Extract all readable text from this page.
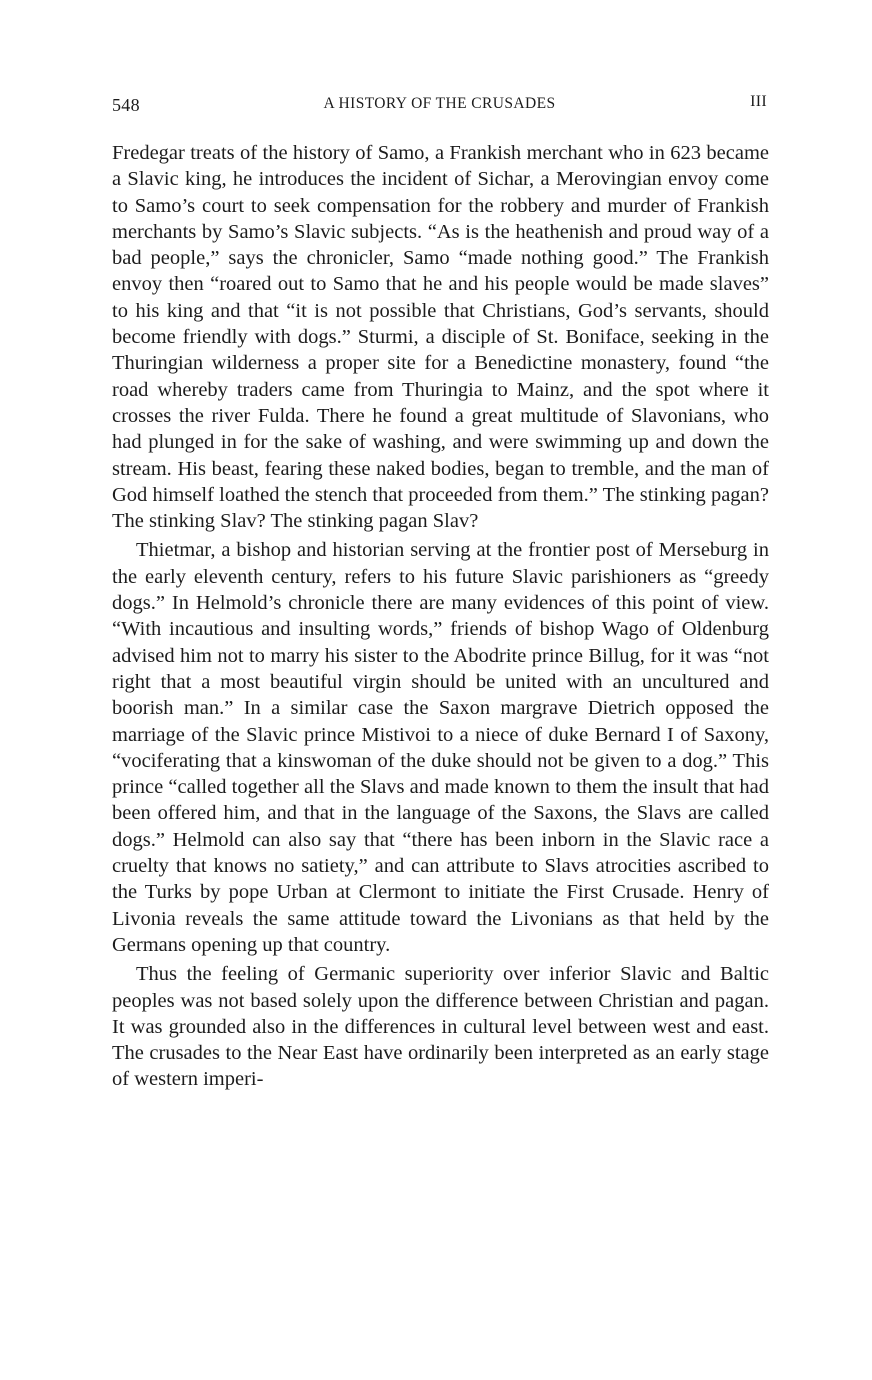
548	A HISTORY OF THE CRUSADES	III

Fredegar treats of the history of Samo, a Frankish merchant who in 623 became a Slavic king, he introduces the incident of Sichar, a Merovingian envoy come to Samo’s court to seek compensation for the robbery and murder of Frankish merchants by Samo’s Slavic subjects. “As is the heathenish and proud way of a bad people,” says the chronicler, Samo “made nothing good.” The Frankish envoy then “roared out to Samo that he and his people would be made slaves” to his king and that “it is not possible that Christians, God’s servants, should become friendly with dogs.” Sturmi, a disciple of St. Boniface, seeking in the Thuringian wilderness a proper site for a Benedictine monastery, found “the road whereby traders came from Thuringia to Mainz, and the spot where it crosses the river Fulda. There he found a great multitude of Slavonians, who had plunged in for the sake of washing, and were swimming up and down the stream. His beast, fearing these naked bodies, began to tremble, and the man of God himself loathed the stench that proceeded from them.” The stinking pagan? The stinking Slav? The stinking pagan Slav?

Thietmar, a bishop and historian serving at the frontier post of Merseburg in the early eleventh century, refers to his future Slavic parishioners as “greedy dogs.” In Helmold’s chronicle there are many evidences of this point of view. “With incautious and insulting words,” friends of bishop Wago of Oldenburg advised him not to marry his sister to the Abodrite prince Billug, for it was “not right that a most beautiful virgin should be united with an uncultured and boorish man.” In a similar case the Saxon margrave Dietrich opposed the marriage of the Slavic prince Mistivoi to a niece of duke Bernard I of Saxony, “vociferating that a kinswoman of the duke should not be given to a dog.” This prince “called together all the Slavs and made known to them the insult that had been offered him, and that in the language of the Saxons, the Slavs are called dogs.” Helmold can also say that “there has been inborn in the Slavic race a cruelty that knows no satiety,” and can attribute to Slavs atrocities ascribed to the Turks by pope Urban at Clermont to initiate the First Crusade. Henry of Livonia reveals the same attitude toward the Livonians as that held by the Germans opening up that country.

Thus the feeling of Germanic superiority over inferior Slavic and Baltic peoples was not based solely upon the difference between Christian and pagan. It was grounded also in the differences in cultural level between west and east. The crusades to the Near East have ordinarily been interpreted as an early stage of western imperi-
